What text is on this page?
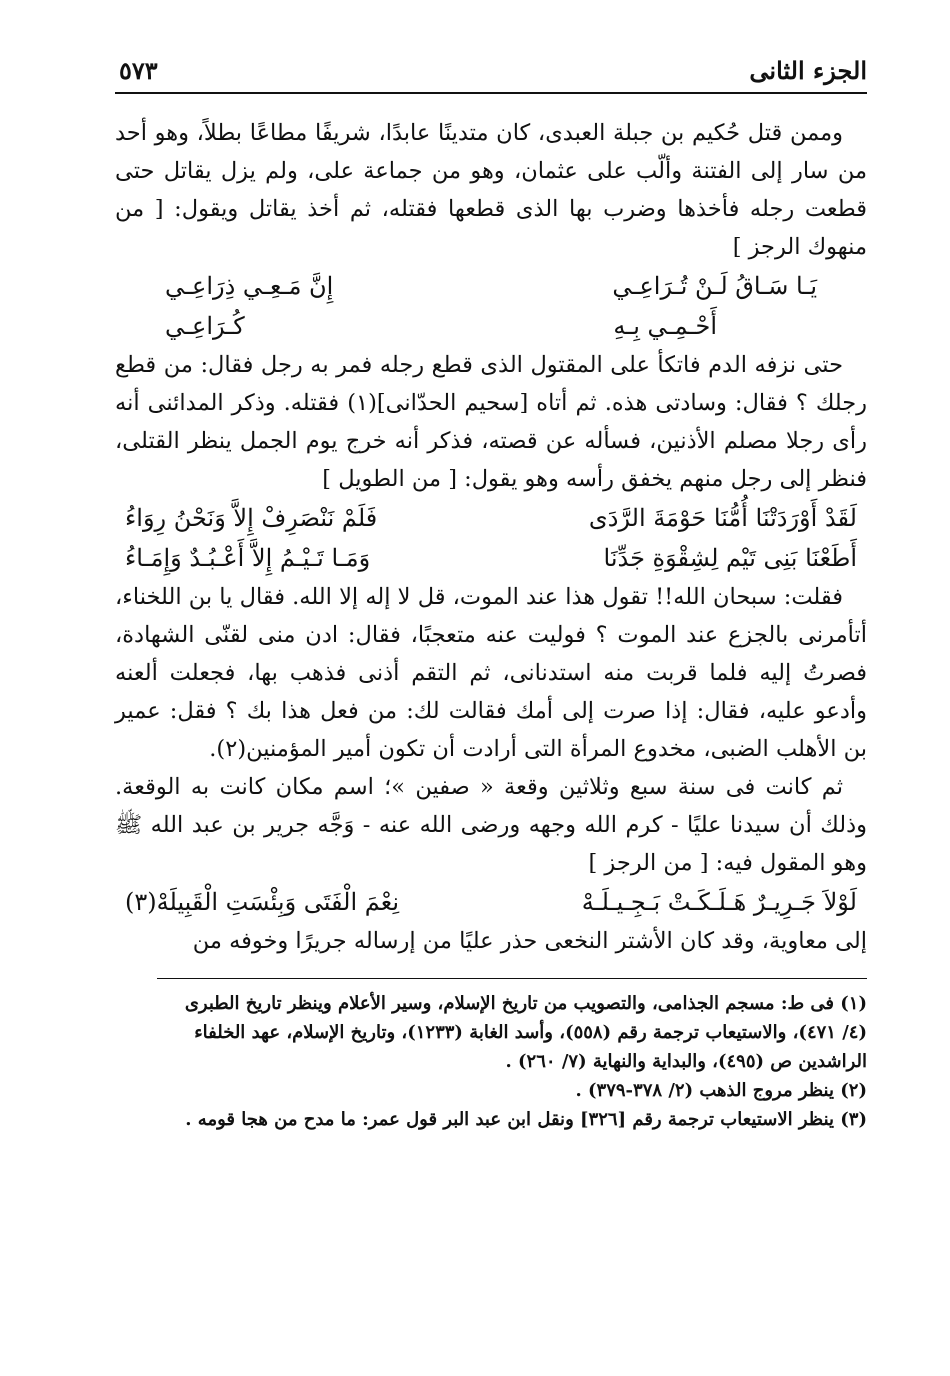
الجزء الثانى
٥٧٣

وممن قتل حُكيم بن جبلة العبدى، كان متدينًا عابدًا، شريفًا مطاعًا بطلاً، وهو أحد من سار إلى الفتنة وألّب على عثمان، وهو من جماعة على، ولم يزل يقاتل حتى قطعت رجله فأخذها وضرب بها الذى قطعها فقتله، ثم أخذ يقاتل ويقول: [ من منهوك الرجز ]

يَـا سَـاقُ لَـنْ تُـرَاعِـي
إِنَّ مَـعِـي ذِرَاعِـي
أَحْـمِـي بِـهِ
كُـرَاعِـي

حتى نزفه الدم فاتكأ على المقتول الذى قطع رجله فمر به رجل فقال: من قطع رجلك ؟ فقال: وسادتى هذه. ثم أتاه [سحيم الحدّانى](١) فقتله. وذكر المدائنى أنه رأى رجلا مصلم الأذنين، فسأله عن قصته، فذكر أنه خرج يوم الجمل ينظر القتلى، فنظر إلى رجل منهم يخفق رأسه وهو يقول: [ من الطويل ]

لَقَدْ أَوْرَدَتْنَا أُمُّنَا حَوْمَةَ الرَّدَى
فَلَمْ نَنْصَرِفْ إِلاَّ وَنَحْنُ رِوَاءُ
أَطَعْنَا بَنِى تَيْم لِشِقْوَةِ جَدِّنَا
وَمَـا تَـيْـمُ إِلاَّ أَعْـبُـدٌ وَإِمَـاءُ

فقلت: سبحان الله!! تقول هذا عند الموت، قل لا إله إلا الله. فقال يا بن اللخناء، أتأمرنى بالجزع عند الموت ؟ فوليت عنه متعجبًا، فقال: ادن منى لقنّى الشهادة، فصرتُ إليه فلما قربت منه استدنانى، ثم التقم أذنى فذهب بها، فجعلت ألعنه وأدعو عليه، فقال: إذا صرت إلى أمك فقالت لك: من فعل هذا بك ؟ فقل: عمير بن الأهلب الضبى، مخدوع المرأة التى أرادت أن تكون أمير المؤمنين(٢).

ثم كانت فى سنة سبع وثلاثين وقعة « صفين »؛ اسم مكان كانت به الوقعة. وذلك أن سيدنا عليًا - كرم الله وجهه ورضى الله عنه - وَجَّه جرير بن عبد الله ﷺ وهو المقول فيه: [ من الرجز ]

لَوْلاَ جَـرِيـرٌ هَـلَـكَـتْ بَـجِـيـلَـهْ
نِعْمَ الْفَتَى وَبِئْسَتِ الْقَبِيلَهْ(٣)

إلى معاوية، وقد كان الأشتر النخعى حذر عليًا من إرساله جريرًا وخوفه من

(١) فى ط: مسجم الجذامى، والتصويب من تاريخ الإسلام، وسير الأعلام وينظر تاريخ الطبرى (٤/ ٤٧١)، والاستيعاب ترجمة رقم (٥٥٨)، وأسد الغابة (١٢٣٣)، وتاريخ الإسلام، عهد الخلفاء الراشدين ص (٤٩٥)، والبداية والنهاية (٧/ ٢٦٠) .

(٢) ينظر مروج الذهب (٢/ ٣٧٨-٣٧٩) .

(٣) ينظر الاستيعاب ترجمة رقم [٣٢٦] ونقل ابن عبد البر قول عمر: ما مدح من هجا قومه .
